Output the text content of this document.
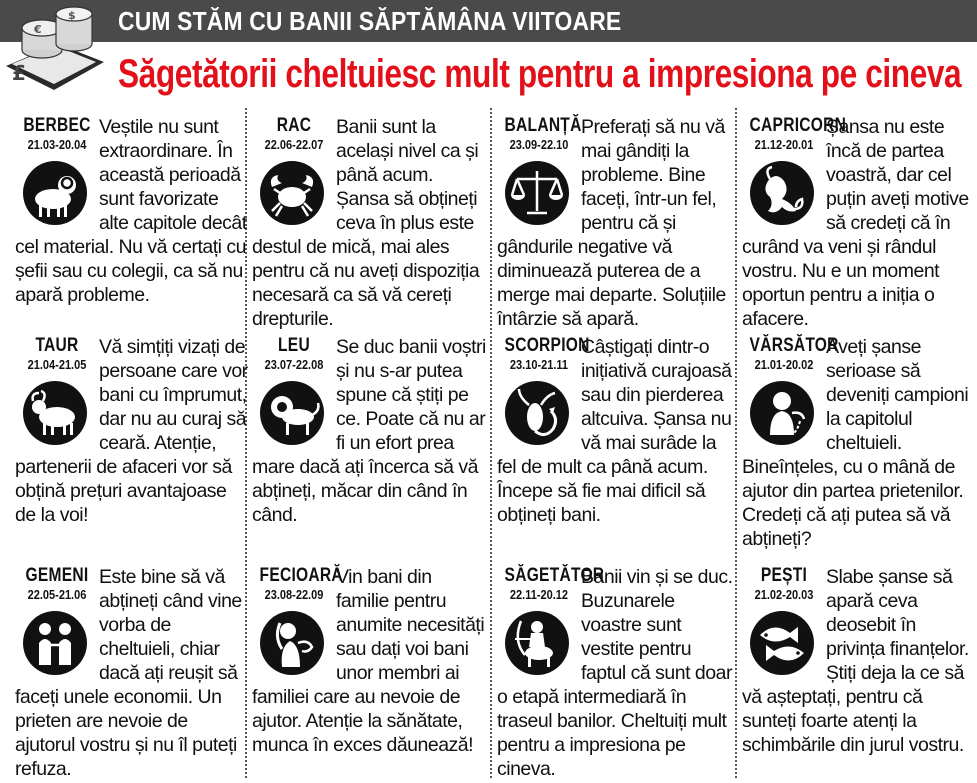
£
€
$ CUM STĂM CU BANII SĂPTĂMÂNA VIITOARE
Săgetătorii cheltuiesc mult pentru a impresiona pe cineva
BERBEC
21.03-20.04

Veștile nu sunt extraordinare. În această perioadă sunt favorizate alte capitole decât cel material. Nu vă certați cu șefii sau cu colegii, ca să nu apară probleme.

RAC
22.06-22.07

Banii sunt la același nivel ca și până acum. Șansa să obțineți ceva în plus este destul de mică, mai ales pentru că nu aveți dispoziția necesară ca să vă cereți drepturile.

BALANȚĂ
23.09-22.10

Preferați să nu vă mai gândiți la probleme. Bine faceți, într-un fel, pentru că și gândurile negative vă diminuează puterea de a merge mai departe. Soluțiile întârzie să apară.

CAPRICORN
21.12-20.01

Șansa nu este încă de partea voastră, dar cel puțin aveți motive să credeți că în curând va veni și rândul vostru. Nu e un moment oportun pentru a iniția o afacere.

TAUR
21.04-21.05

Vă simțiți vizați de persoane care vor bani cu împrumut, dar nu au curaj să ceară. Atenție, partenerii de afaceri vor să obțină prețuri avantajoase de la voi!

LEU
23.07-22.08

Se duc banii voștri și nu s-ar putea spune că știți pe ce. Poate că nu ar fi un efort prea mare dacă ați încerca să vă abțineți, măcar din când în când.

SCORPION
23.10-21.11

Câștigați dintr-o inițiativă curajoasă sau din pierderea altcuiva. Șansa nu vă mai surâde la fel de mult ca până acum. Începe să fie mai dificil să obțineți bani.

VĂRSĂTOR
21.01-20.02

Aveți șanse serioase să deveniți campioni la capitolul cheltuieli. Bineînțeles, cu o mână de ajutor din partea prietenilor. Credeți că ați putea să vă abțineți?

GEMENI
22.05-21.06

Este bine să vă abțineți când vine vorba de cheltuieli, chiar dacă ați reușit să faceți unele economii. Un prieten are nevoie de ajutorul vostru și nu îl puteți refuza.

FECIOARĂ
23.08-22.09

Vin bani din familie pentru anumite necesități sau dați voi bani unor membri ai familiei care au nevoie de ajutor. Atenție la sănătate, munca în exces dăunează!

SĂGETĂTOR
22.11-20.12

Banii vin și se duc. Buzunarele voastre sunt vestite pentru faptul că sunt doar o etapă intermediară în traseul banilor. Cheltuiți mult pentru a impresiona pe cineva.

PEȘTI
21.02-20.03

Slabe șanse să apară ceva deosebit în privința finanțelor. Știți deja la ce să vă așteptați, pentru că sunteți foarte atenți la schimbările din jurul vostru.
